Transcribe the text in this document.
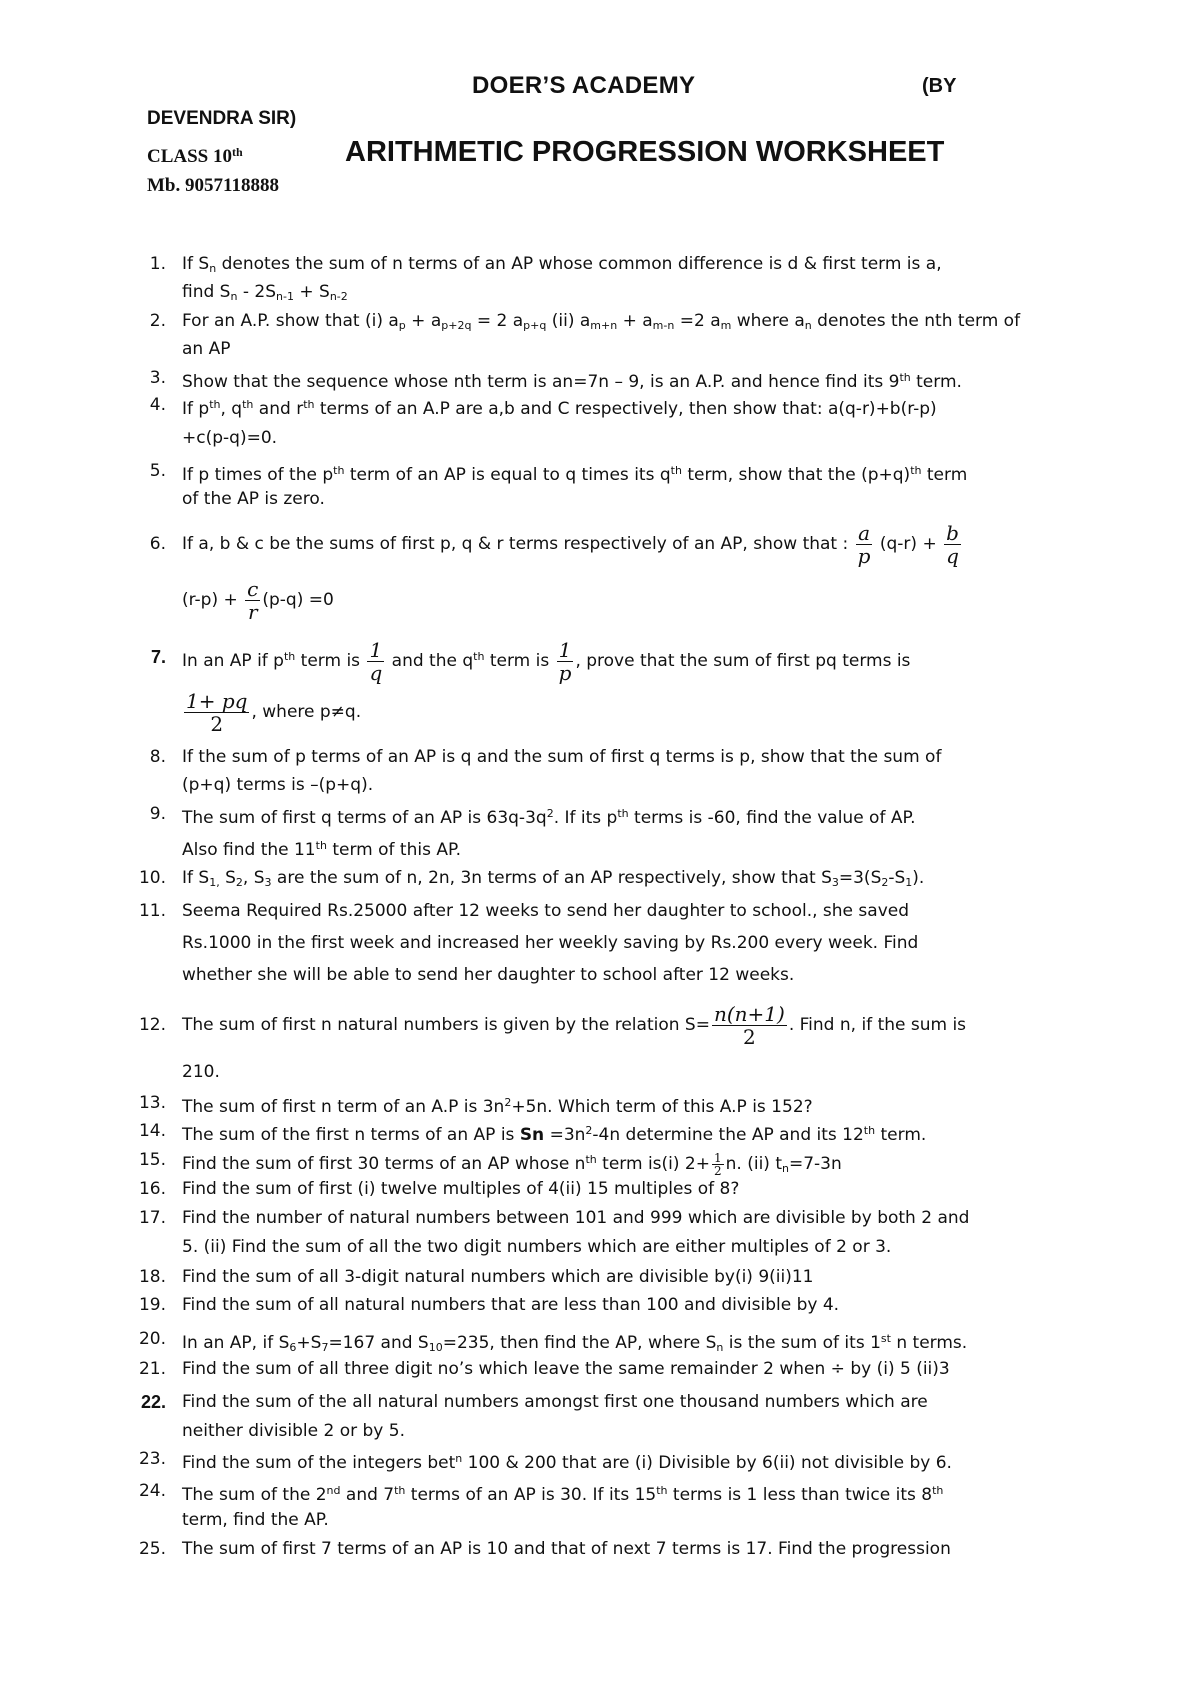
DOER’S ACADEMY	(BY
DEVENDRA SIR)
CLASS 10th	ARITHMETIC PROGRESSION WORKSHEET
Mb. 9057118888
1. If $S_n$ denotes the sum of n terms of an AP whose common difference is d & first term is a,
find $S_n - 2S_{n-1} + S_{n-2}$
2. For an A.P. show that (i) $a_p + a_{p+2q} = 2$ $a_{p+q}$ (ii) $a_{m+n} + a_{m-n} =2$ $a_m$ where $a_n$ denotes the nth term of
an AP
3. Show that the sequence whose nth term is an=7n – 9, is an A.P. and hence find its 9th term.
4. If $p^{th}$, $q^{th}$ and $r^{th}$ terms of an A.P are a,b and C respectively, then show that: a(q-r)+b(r-p)
+c(p-q)=0.
5. If p times of the $p^{th}$ term of an AP is equal to q times its $q^{th}$ term, show that the $(p+q)^{th}$ term
of the AP is zero.
6. If a, b & c be the sums of first p, q & r terms respectively of an AP, show that : $\frac{a}{p} (q-r) + \frac{b}{q}$
$(r-p) + \frac{c}{r} (p-q) =0$
7. In an AP if $p^{th}$ term is $\frac{1}{q}$ and the $q^{th}$ term is $\frac{1}{p}$ , prove that the sum of first pq terms is
$\frac{1+ pq}{2}$ , where p≠q.
8. If the sum of p terms of an AP is q and the sum of first q terms is p, show that the sum of
(p+q) terms is –(p+q).
9. The sum of first q terms of an AP is $63q-3q^2$. If its $p^{th}$ terms is -60, find the value of AP.
Also find the 11th term of this AP.
10. If $S_{1,}$ $S_2$, $S_3$ are the sum of n, 2n, 3n terms of an AP respectively, show that $S_3=3(S_2-S_1)$.
11. Seema Required Rs.25000 after 12 weeks to send her daughter to school., she saved
Rs.1000 in the first week and increased her weekly saving by Rs.200 every week. Find
whether she will be able to send her daughter to school after 12 weeks.
12. The sum of first n natural numbers is given by the relation $S= \frac{n(n+1)}{2}$ . Find n, if the sum is
210.
13. The sum of first n term of an A.P is $3n^2+5n$. Which term of this A.P is 152?
14. The sum of the first n terms of an AP is $Sn =3n^2-4n$ determine the AP and its 12th term.
15. Find the sum of first 30 terms of an AP whose $n^{th}$ term is(i) $2+ \frac{1}{2} n$. (ii) $t_n=7-3n$
16. Find the sum of first (i) twelve multiples of 4(ii) 15 multiples of 8?
17. Find the number of natural numbers between 101 and 999 which are divisible by both 2 and
5. (ii) Find the sum of all the two digit numbers which are either multiples of 2 or 3.
18. Find the sum of all 3-digit natural numbers which are divisible by(i) 9(ii)11
19. Find the sum of all natural numbers that are less than 100 and divisible by 4.
20. In an AP, if $S_6+S_7=167$ and $S_{10}=235$, then find the AP, where $S_n$ is the sum of its 1st n terms.
21. Find the sum of all three digit no’s which leave the same remainder 2 when ÷ by (i) 5 (ii)3
22. Find the sum of the all natural numbers amongst first one thousand numbers which are
neither divisible 2 or by 5.
23. Find the sum of the integers bet$^n$ 100 & 200 that are (i) Divisible by 6(ii) not divisible by 6.
24. The sum of the 2nd and 7th terms of an AP is 30. If its 15th terms is 1 less than twice its 8th
term, find the AP.
25. The sum of first 7 terms of an AP is 10 and that of next 7 terms is 17. Find the progression
